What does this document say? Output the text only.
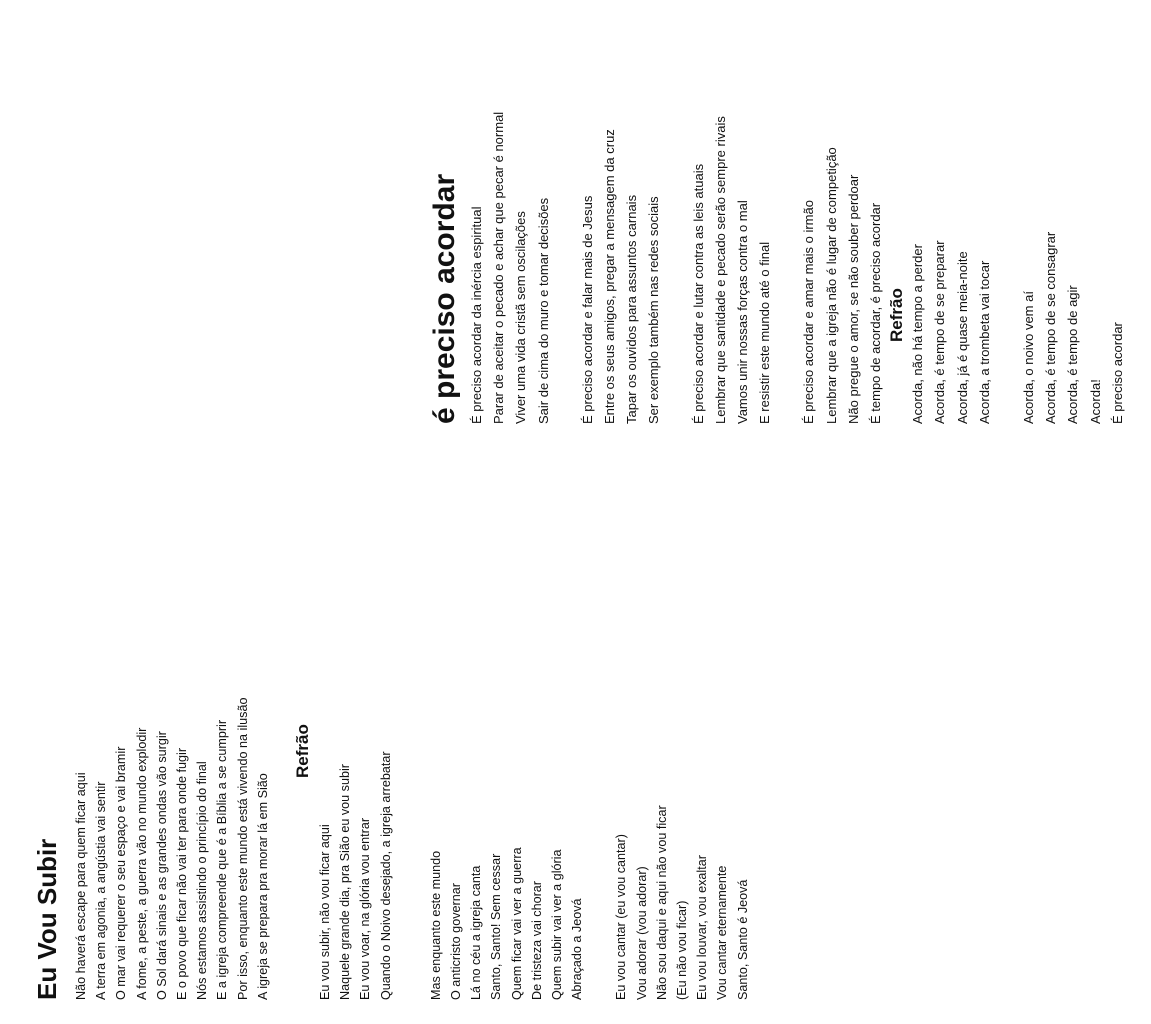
Eu Vou Subir Não haverá escape para quem ficar aqui A terra em agonia, a angústia vai sentir O mar vai requerer o seu espaço e vai bramir A fome, a peste, a guerra vão no mundo explodir O Sol dará sinais e as grandes ondas vão surgir E o povo que ficar não vai ter para onde fugir Nós estamos assistindo o princípio do final E a igreja compreende que é a Bíblia a se cumprir Por isso, enquanto este mundo está vivendo na ilusão A igreja se prepara pra morar lá em Sião
Refrão
Eu vou subir, não vou ficar aqui Naquele grande dia, pra Sião eu vou subir Eu vou voar, na glória vou entrar Quando o Noivo desejado, a igreja arrebatar	Mas enquanto este mundo O anticristo governar Lá no céu a igreja canta Santo, Santo! Sem cessar Quem ficar vai ver a guerra De tristeza vai chorar Quem subir vai ver a glória Abraçado a Jeová Eu vou cantar (eu vou cantar) Vou adorar (vou adorar) Não sou daqui e aqui não vou ficar (Eu não vou ficar) Eu vou louvar, vou exaltar Vou cantar eternamente Santo, Santo é Jeová
é preciso acordar É preciso acordar da inércia espiritual Parar de aceitar o pecado e achar que pecar é normal Viver uma vida cristã sem oscilações Sair de cima do muro e tomar decisões	É preciso acordar e falar mais de Jesus Entre os seus amigos, pregar a mensagem da cruz Tapar os ouvidos para assuntos carnais Ser exemplo também nas redes sociais	É preciso acordar e lutar contra as leis atuais Lembrar que santidade e pecado serão sempre rivais Vamos unir nossas forças contra o mal E resistir este mundo até o final	É preciso acordar e amar mais o irmão Lembrar que a igreja não é lugar de competição Não pregue o amor, se não souber perdoar É tempo de acordar, é preciso acordar Refrão Acorda, não há tempo a perder Acorda, é tempo de se preparar Acorda, já é quase meia-noite Acorda, a trombeta vai tocar	Acorda, o noivo vem aí Acorda, é tempo de se consagrar Acorda, é tempo de agir Acorda! É preciso acordar
